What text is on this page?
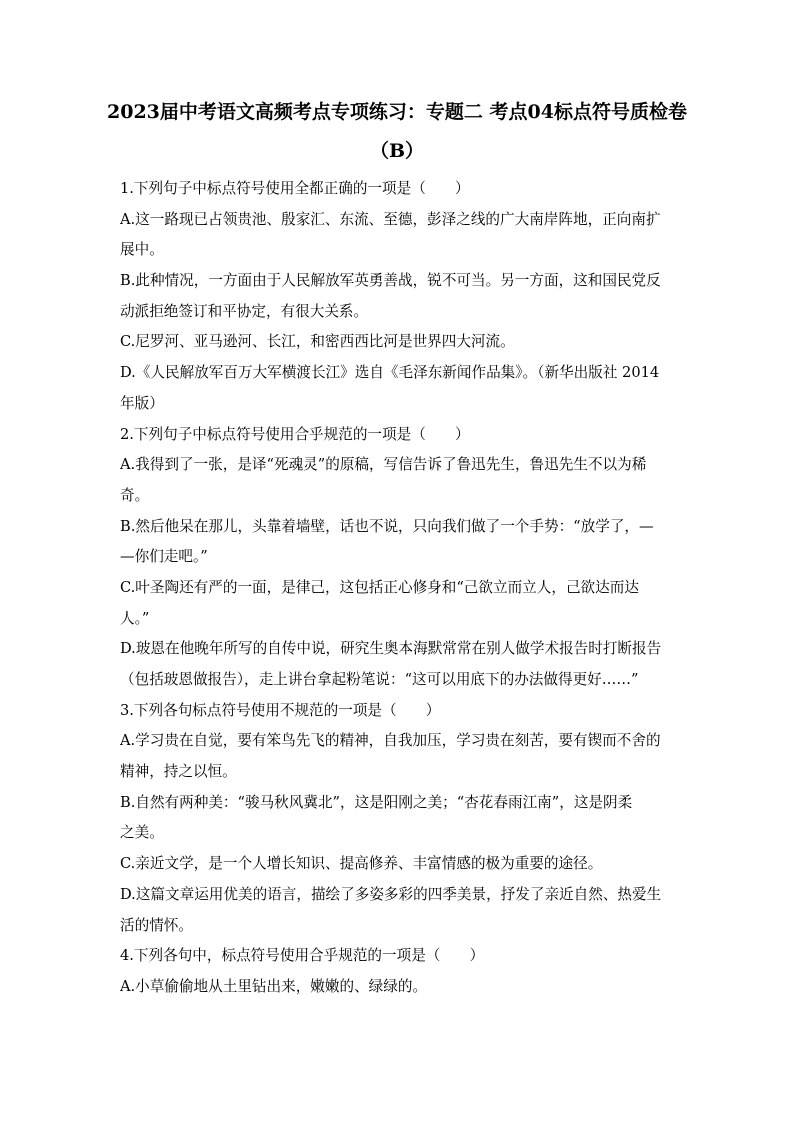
2023届中考语文高频考点专项练习：专题二 考点04标点符号质检卷
（B）
1.下列句子中标点符号使用全都正确的一项是（　　）
A.这一路现已占领贵池、殷家汇、东流、至德，彭泽之线的广大南岸阵地，正向南扩
展中。
B.此种情况，一方面由于人民解放军英勇善战，锐不可当。另一方面，这和国民党反
动派拒绝签订和平协定，有很大关系。
C.尼罗河、亚马逊河、长江，和密西西比河是世界四大河流。
D.《人民解放军百万大军横渡长江》选自《毛泽东新闻作品集》。（新华出版社 2014
年版）
2.下列句子中标点符号使用合乎规范的一项是（　　）
A.我得到了一张，是译“死魂灵”的原稿，写信告诉了鲁迅先生，鲁迅先生不以为稀
奇。
B.然后他呆在那儿，头靠着墙壁，话也不说，只向我们做了一个手势：“放学了，—
—你们走吧。”
C.叶圣陶还有严的一面，是律己，这包括正心修身和“己欲立而立人，己欲达而达
人。”
D.玻恩在他晚年所写的自传中说，研究生奥本海默常常在别人做学术报告时打断报告
（包括玻恩做报告），走上讲台拿起粉笔说：“这可以用底下的办法做得更好……”
3.下列各句标点符号使用不规范的一项是（　　）
A.学习贵在自觉，要有笨鸟先飞的精神，自我加压，学习贵在刻苦，要有锲而不舍的
精神，持之以恒。
B.自然有两种美：“骏马秋风冀北”，这是阳刚之美；“杏花春雨江南”，这是阴柔
之美。
C.亲近文学，是一个人增长知识、提高修养、丰富情感的极为重要的途径。
D.这篇文章运用优美的语言，描绘了多姿多彩的四季美景，抒发了亲近自然、热爱生
活的情怀。
4.下列各句中，标点符号使用合乎规范的一项是（　　）
A.小草偷偷地从土里钻出来，嫩嫩的、绿绿的。
